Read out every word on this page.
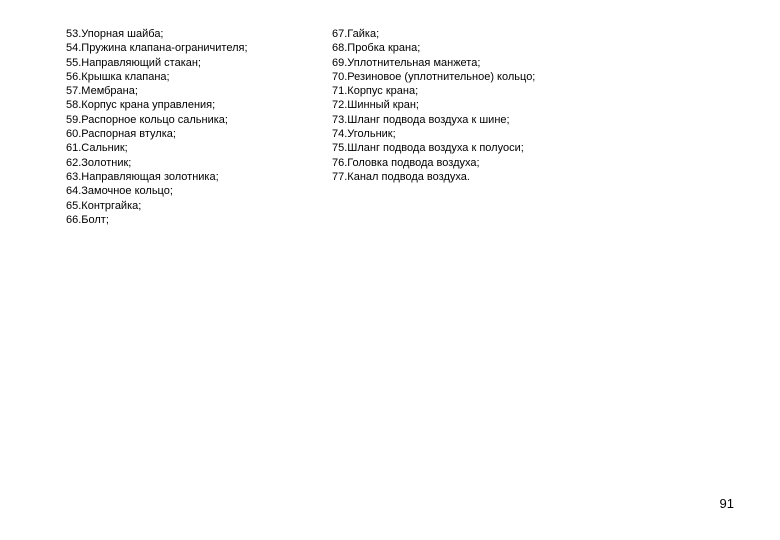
53.Упорная шайба;
54.Пружина клапана-ограничителя;
55.Направляющий стакан;
56.Крышка клапана;
57.Мембрана;
58.Корпус крана управления;
59.Распорное кольцо сальника;
60.Распорная втулка;
61.Сальник;
62.Золотник;
63.Направляющая золотника;
64.Замочное кольцо;
65.Контргайка;
66.Болт;
67.Гайка;
68.Пробка крана;
69.Уплотнительная манжета;
70.Резиновое (уплотнительное) кольцо;
71.Корпус крана;
72.Шинный кран;
73.Шланг подвода воздуха к шине;
74.Угольник;
75.Шланг подвода воздуха к полуоси;
76.Головка подвода воздуха;
77.Канал подвода воздуха.
91
